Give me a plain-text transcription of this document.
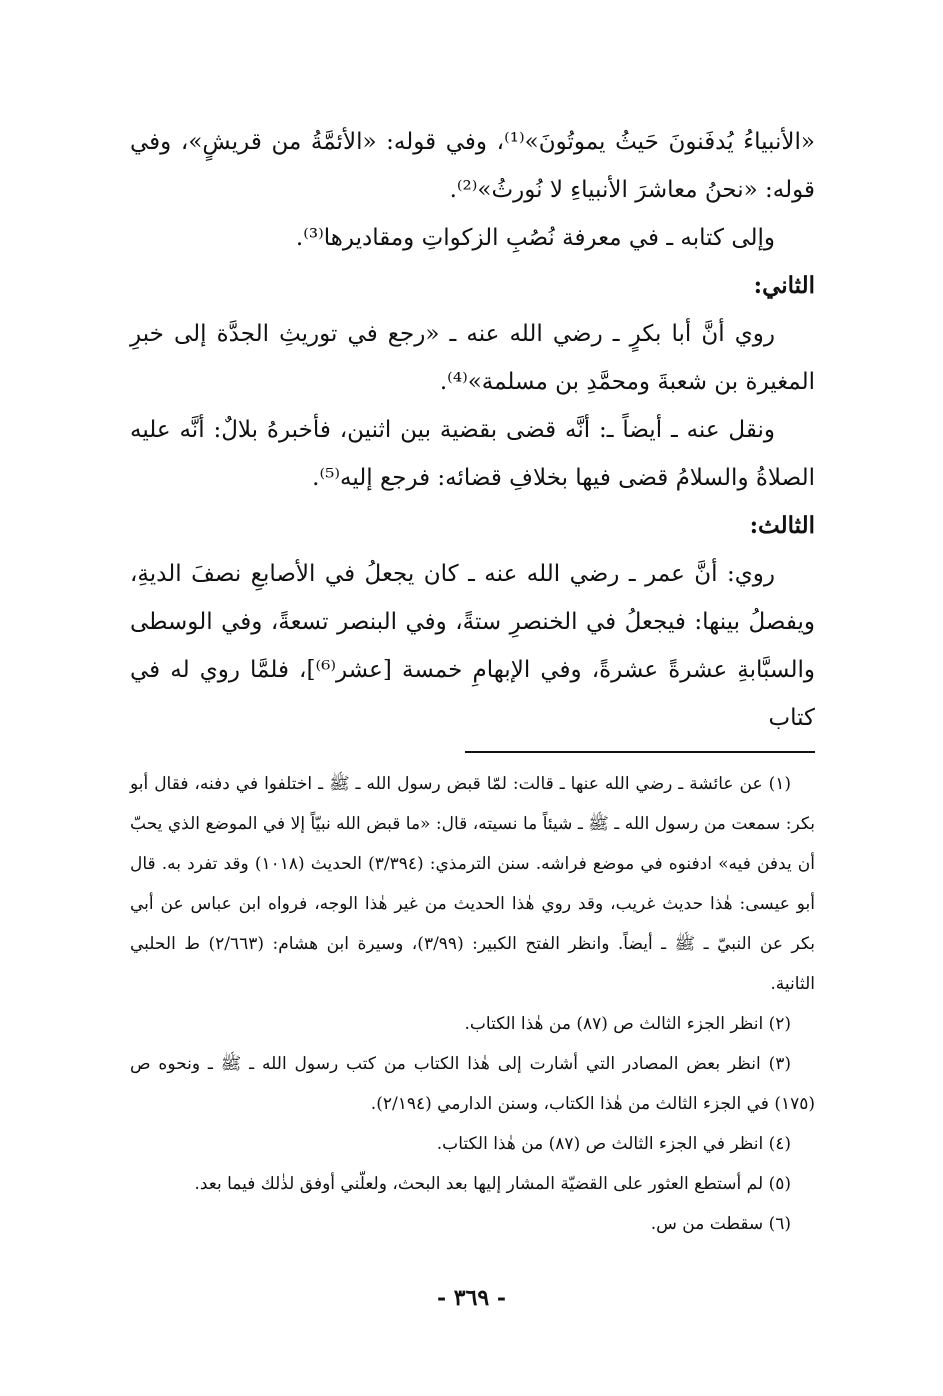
«الأنبياءُ يُدفَنونَ حَيثُ يموتُونَ»⁽¹⁾، وفي قوله: «الأئمَّةُ من قريشٍ»، وفي قوله: «نحنُ معاشرَ الأنبياءِ لا نُورثُ»⁽²⁾.

وإلى كتابه ـ في معرفة نُصُبِ الزكواتِ ومقاديرها⁽³⁾.

الثاني:

روي أنَّ أبا بكرٍ ـ رضي الله عنه ـ «رجع في توريثِ الجدَّة إلى خبرِ المغيرة بن شعبةَ ومحمَّدِ بن مسلمة»⁽⁴⁾.

ونقل عنه ـ أيضاً ـ: أنَّه قضى بقضية بين اثنين، فأخبرهُ بلالٌ: أنَّه عليه الصلاةُ والسلامُ قضى فيها بخلافِ قضائه: فرجع إليه⁽⁵⁾.

الثالث:

روي: أنَّ عمر ـ رضي الله عنه ـ كان يجعلُ في الأصابعِ نصفَ الديةِ، ويفصلُ بينها: فيجعلُ في الخنصرِ ستةً، وفي البنصر تسعةً، وفي الوسطى والسبَّابةِ عشرةً عشرةً، وفي الإبهامِ خمسة [عشر⁽⁶⁾]، فلمَّا روي له في كتاب

(١) عن عائشة ـ رضي الله عنها ـ قالت: لمّا قبض رسول الله ـ ﷺ ـ اختلفوا في دفنه، فقال أبو بكر: سمعت من رسول الله ـ ﷺ ـ شيئاً ما نسيته، قال: «ما قبض الله نبيّاً إلا في الموضع الذي يحبّ أن يدفن فيه» ادفنوه في موضع فراشه. سنن الترمذي: (٣/٣٩٤) الحديث (١٠١٨) وقد تفرد به. قال أبو عيسى: هٰذا حديث غريب، وقد روي هٰذا الحديث من غير هٰذا الوجه، فرواه ابن عباس عن أبي بكر عن النبيّ ـ ﷺ ـ أيضاً. وانظر الفتح الكبير: (٣/٩٩)، وسيرة ابن هشام: (٢/٦٦٣) ط الحلبي الثانية.

(٢) انظر الجزء الثالث ص (٨٧) من هٰذا الكتاب.

(٣) انظر بعض المصادر التي أشارت إلى هٰذا الكتاب من كتب رسول الله ـ ﷺ ـ ونحوه ص (١٧٥) في الجزء الثالث من هٰذا الكتاب، وسنن الدارمي (٢/١٩٤).

(٤) انظر في الجزء الثالث ص (٨٧) من هٰذا الكتاب.

(٥) لم أستطع العثور على القضيّة المشار إليها بعد البحث، ولعلّني أوفق لذٰلك فيما بعد.

(٦) سقطت من س.

- ٣٦٩ -
